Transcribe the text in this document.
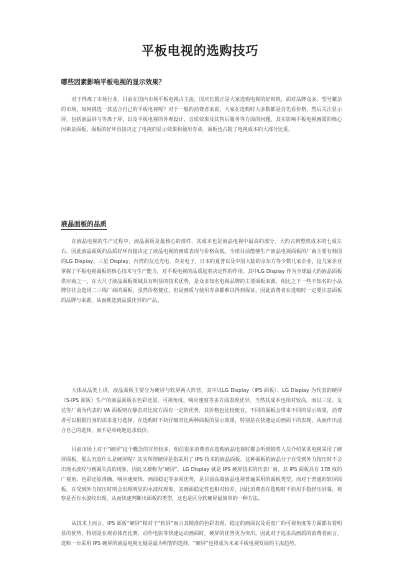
平板电视的选购技巧
哪些因素影响平板电视的显示效果？
对于得离了市场行业，目前在国内市场平板电视占主流，国庆长假正是大家选购电视的好时机，面对品牌众多、型号繁杂的市场，如何挑选一款适合自己的平板电视呢？对于一般的消费者来说，大家在选购时大多数都是首先看价格，然后关注显示屏，包括液晶屏与等离子屏，以及平板电视的外观设计、音质效果及其售后服务等方面的问题。其实影响平板电视画质的核心因素是面板，面板的好坏直接决定了电视的显示效果和使用寿命，面板也占据了电视成本的大部分比重。
液晶面板的品质
在液晶电视的生产过程中，液晶面板是最核心的部件，其成本也是液晶电视中最高的部分，大约占到整机成本的七成左右。因此液晶面板的品质好坏直接决定了液晶电视的画质表现与价格高低。全球目前能够生产液晶电视面板的厂商主要有韩国的LG Display、三星 Display，台湾的友达光电、奇美电子，日本的夏普以及中国大陆的京东方等少数几家企业，这几家企业掌握了平板电视面板的核心技术与生产能力，对平板电视的品质起着决定性的作用。其中LG Display 作为全球最大的液晶面板供应商之一，在大尺寸液晶面板领域具有明显的技术优势，是众多知名电视品牌的主要面板来源，相比之下一些不知名的小品牌往往会选用二三线厂商的面板，虽然价格便宜，但是画质与使用寿命都难以得到保证，因此消费者在选购时一定要注意面板的品牌与来源，从而挑选到品质优异的产品。
大体从品类上讲，液晶面板主要分为硬屏与软屏两大阵营，其中以LG Display（IPS 面板）、LG Display 为代表的硬屏（S-IPS 面板）生产的液晶面板在色彩还原、可视角度、响应速度等多方面表现优异，当然其成本也相对较高，而以三星、友达等厂商为代表的 VA 面板则在静态对比度方面有一定的优势，其价格也比较便宜。不同的面板会带来不同的显示效果，消费者可以根据自身的需求进行选择，在选购时不妨仔细对比两种面板的显示效果，特别是在快速运动画面下的表现，从而作出适合自己的选择，而不是单纯地追求低价。
目前市场上对于“硬屏”这个概念的宣传较多，相信很多消费者在选购液晶电视时都会听到销售人员介绍某某电视采用了硬屏面板，那么究竟什么是硬屏呢？其实所谓硬屏是指采用了 IPS 技术的液晶面板，这种面板的液晶分子在受到外力按压时不会出现水波纹与画面失真的现象，因此又被称为“硬屏”。LG Display 就是 IPS 硬屏技术的代表厂商，其 IPS 面板具有 178 度的广视角、色彩还原准确、响应速度快、画面稳定等多项优势，是目前高端液晶电视普遍采用的面板类型。而对于普通的软屏面板，在受到外力按压时则会出现明显的水波纹现象，其画面稳定性也相对较差，因此消费者在选购时不妨用手指轻压屏幕，观察是否有水波纹出现，从而快速判断出面板的类型，这也是区分软硬屏最简单的一种方法。
从技术上而言，IPS 面板“硬屏”相对于“软屏”而言其精准的色彩表现、稳定的画面以及更宽广的可视角度等方面都有着明显的优势，特别是在观看体育比赛、动作电影等快速运动画面时，硬屏的优势更为突出。因此对于追求高画质的消费者而言，选购一台采用 IPS 硬屏的液晶电视无疑是最为明智的选择，“硬屏”也将成为未来平板电视发展的主流趋势。
